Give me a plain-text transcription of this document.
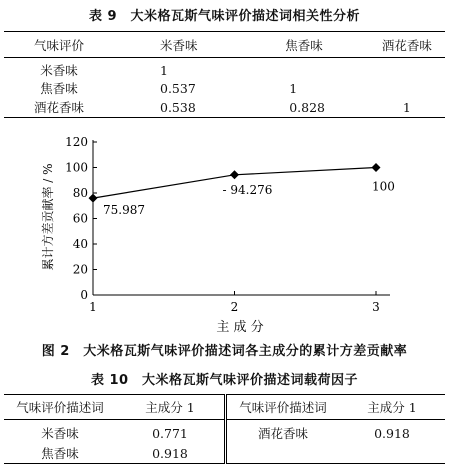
表 9　大米格瓦斯气味评价描述词相关性分析
气味评价	米香味	焦香味	酒花香味
米香味	1		
焦香味	0.537	1	
酒花香味	0.538	0.828	1
0
20
40
60
80
100
120
1	2	3
75.987
- 94.276	100
累计方差贡献率 / %
主 成 分
图 2　大米格瓦斯气味评价描述词各主成分的累计方差贡献率
表 10　大米格瓦斯气味评价描述词载荷因子
气味评价描述词	主成分 1	气味评价描述词	主成分 1
米香味	0.771	酒花香味	0.918
焦香味	0.918		
